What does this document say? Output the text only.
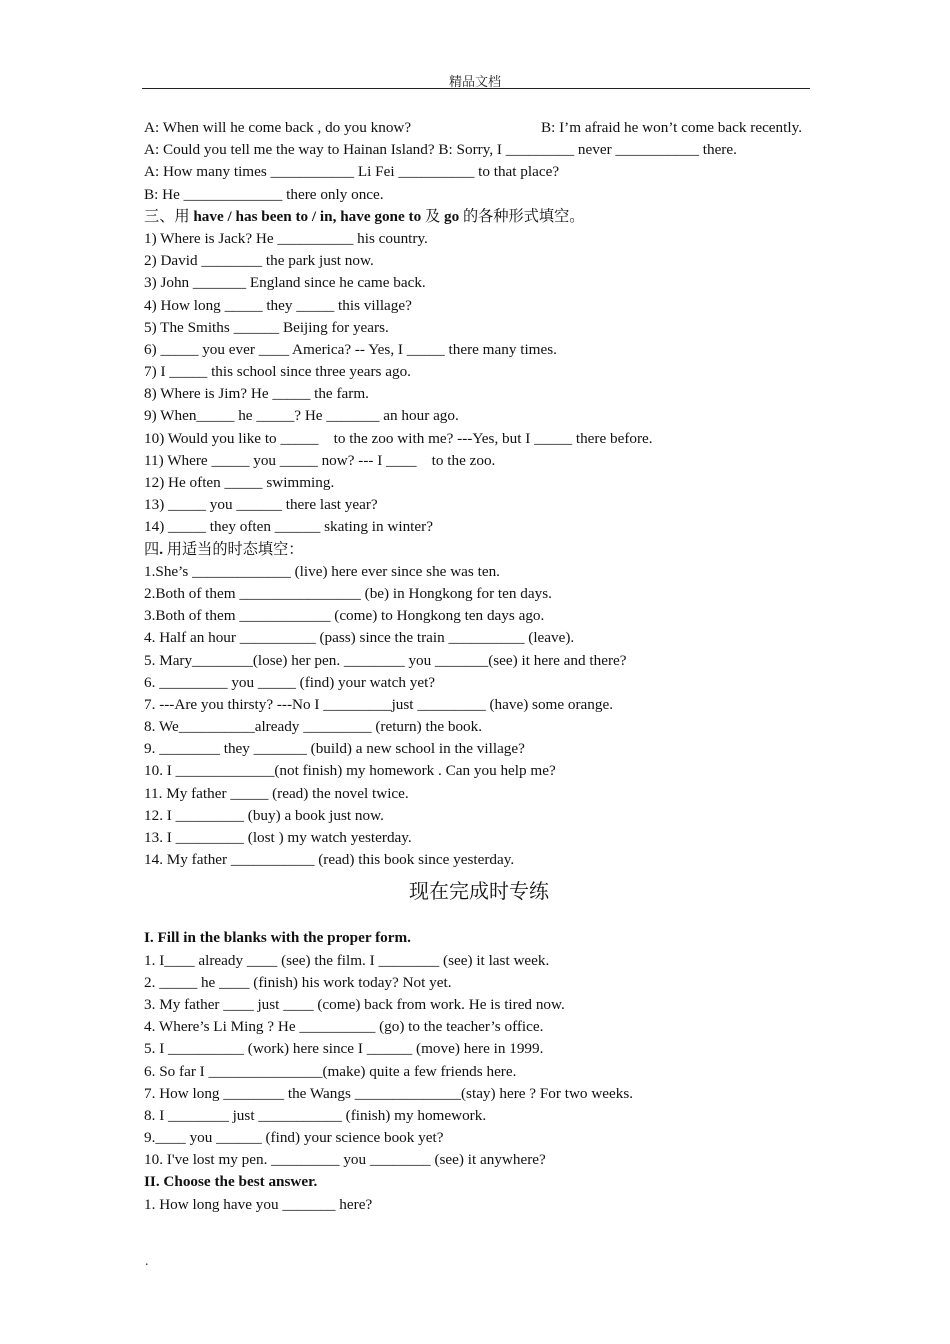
精品文档
A: When will he come back , do you know?	B: I’m afraid he won’t come back recently.
A: Could you tell me the way to Hainan Island? B: Sorry, I _________ never ___________ there.
A: How many times ___________ Li Fei __________ to that place?
B: He _____________ there only once.
三、用 have / has been to / in, have gone to 及 go 的各种形式填空。
1) Where is Jack? He __________ his country.
2) David ________ the park just now.
3) John _______ England since he came back.
4) How long _____ they _____ this village?
5) The Smiths ______ Beijing for years.
6) _____ you ever ____ America? -- Yes, I _____ there many times.
7) I _____ this school since three years ago.
8) Where is Jim? He _____ the farm.
9) When_____ he _____? He _______ an hour ago.
10) Would you like to _____    to the zoo with me? ---Yes, but I _____ there before.
11) Where _____ you _____ now? --- I ____    to the zoo.
12) He often _____ swimming.
13) _____ you ______ there last year?
14) _____ they often ______ skating in winter?
四. 用适当的时态填空：
1.She’s _____________ (live) here ever since she was ten.
2.Both of them ________________ (be) in Hongkong for ten days.
3.Both of them ____________ (come) to Hongkong ten days ago.
4. Half an hour __________ (pass) since the train __________ (leave).
5. Mary________(lose) her pen. ________ you _______(see) it here and there?
6. _________ you _____ (find) your watch yet?
7. ---Are you thirsty? ---No I _________just _________ (have) some orange.
8. We__________already _________ (return) the book.
9. ________ they _______ (build) a new school in the village?
10. I _____________(not finish) my homework . Can you help me?
11. My father _____ (read) the novel twice.
12. I _________ (buy) a book just now.
13. I _________ (lost ) my watch yesterday.
14. My father ___________ (read) this book since yesterday.
现在完成时专练
I. Fill in the blanks with the proper form.
1. I____ already ____ (see) the film. I ________ (see) it last week.
2. _____ he ____ (finish) his work today? Not yet.
3. My father ____ just ____ (come) back from work. He is tired now.
4. Where’s Li Ming ? He __________ (go) to the teacher’s office.
5. I __________ (work) here since I ______ (move) here in 1999.
6. So far I _______________(make) quite a few friends here.
7. How long ________ the Wangs ______________(stay) here ? For two weeks.
8. I ________ just ___________ (finish) my homework.
9.____ you ______ (find) your science book yet?
10. I've lost my pen. _________ you ________ (see) it anywhere?
II. Choose the best answer.
1. How long have you _______ here?
.
